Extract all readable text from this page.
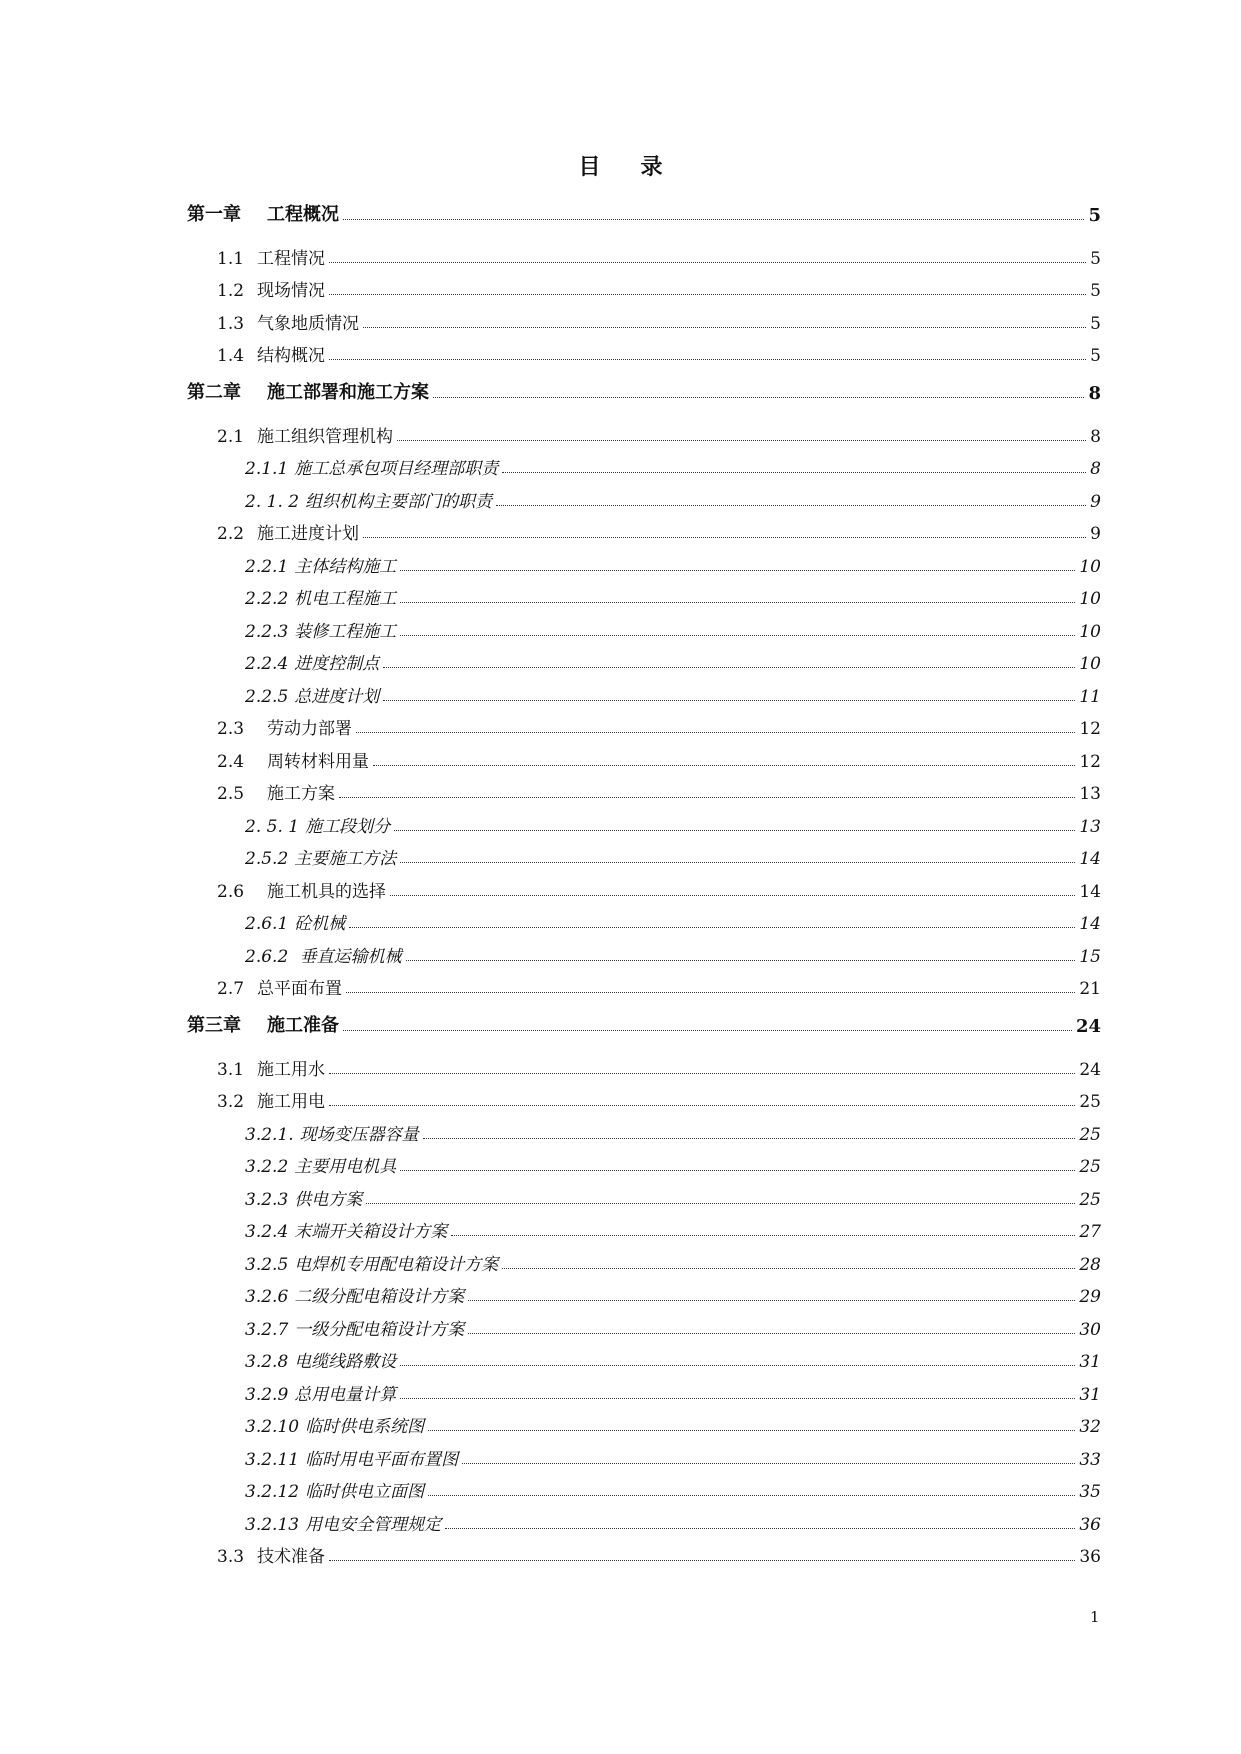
目 录
第一章 工程概况	5
1.1 工程情况	5
1.2 现场情况	5
1.3 气象地质情况	5
1.4 结构概况	5
第二章 施工部署和施工方案	8
2.1 施工组织管理机构	8
2.1.1 施工总承包项目经理部职责	8
2. 1. 2 组织机构主要部门的职责	9
2.2 施工进度计划	9
2.2.1 主体结构施工	10
2.2.2 机电工程施工	10
2.2.3 装修工程施工	10
2.2.4 进度控制点	10
2.2.5 总进度计划	11
2.3 劳动力部署	12
2.4 周转材料用量	12
2.5 施工方案	13
2. 5. 1 施工段划分	13
2.5.2 主要施工方法	14
2.6 施工机具的选择	14
2.6.1 砼机械	14
2.6.2 垂直运输机械	15
2.7 总平面布置	21
第三章 施工准备	24
3.1 施工用水	24
3.2 施工用电	25
3.2.1. 现场变压器容量	25
3.2.2 主要用电机具	25
3.2.3 供电方案	25
3.2.4 末端开关箱设计方案	27
3.2.5 电焊机专用配电箱设计方案	28
3.2.6 二级分配电箱设计方案	29
3.2.7 一级分配电箱设计方案	30
3.2.8 电缆线路敷设	31
3.2.9 总用电量计算	31
3.2.10 临时供电系统图	32
3.2.11 临时用电平面布置图	33
3.2.12 临时供电立面图	35
3.2.13 用电安全管理规定	36
3.3 技术准备	36
1
